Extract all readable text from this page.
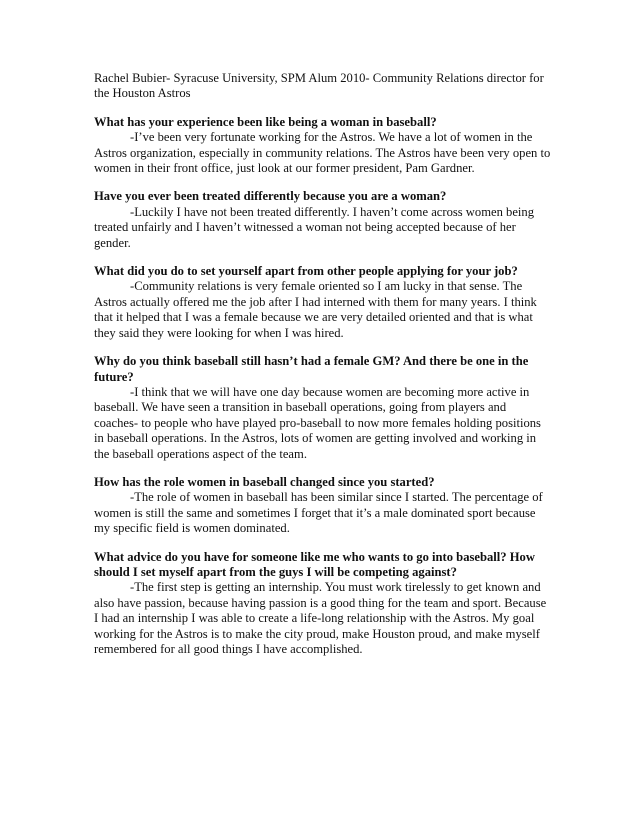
Rachel Bubier- Syracuse University, SPM Alum 2010- Community Relations director for the Houston Astros

What has your experience been like being a woman in baseball?

-I’ve been very fortunate working for the Astros. We have a lot of women in the Astros organization, especially in community relations. The Astros have been very open to women in their front office, just look at our former president, Pam Gardner.

Have you ever been treated differently because you are a woman?

-Luckily I have not been treated differently. I haven’t come across women being treated unfairly and I haven’t witnessed a woman not being accepted because of her gender.

What did you do to set yourself apart from other people applying for your job?

-Community relations is very female oriented so I am lucky in that sense. The Astros actually offered me the job after I had interned with them for many years. I think that it helped that I was a female because we are very detailed oriented and that is what they said they were looking for when I was hired.

Why do you think baseball still hasn’t had a female GM? And there be one in the future?

-I think that we will have one day because women are becoming more active in baseball. We have seen a transition in baseball operations, going from players and coaches- to people who have played pro-baseball to now more females holding positions in baseball operations. In the Astros, lots of women are getting involved and working in the baseball operations aspect of the team.

How has the role women in baseball changed since you started?

-The role of women in baseball has been similar since I started. The percentage of women is still the same and sometimes I forget that it’s a male dominated sport because my specific field is women dominated.

What advice do you have for someone like me who wants to go into baseball? How should I set myself apart from the guys I will be competing against?

-The first step is getting an internship. You must work tirelessly to get known and also have passion, because having passion is a good thing for the team and sport. Because I had an internship I was able to create a life-long relationship with the Astros. My goal working for the Astros is to make the city proud, make Houston proud, and make myself remembered for all good things I have accomplished.
